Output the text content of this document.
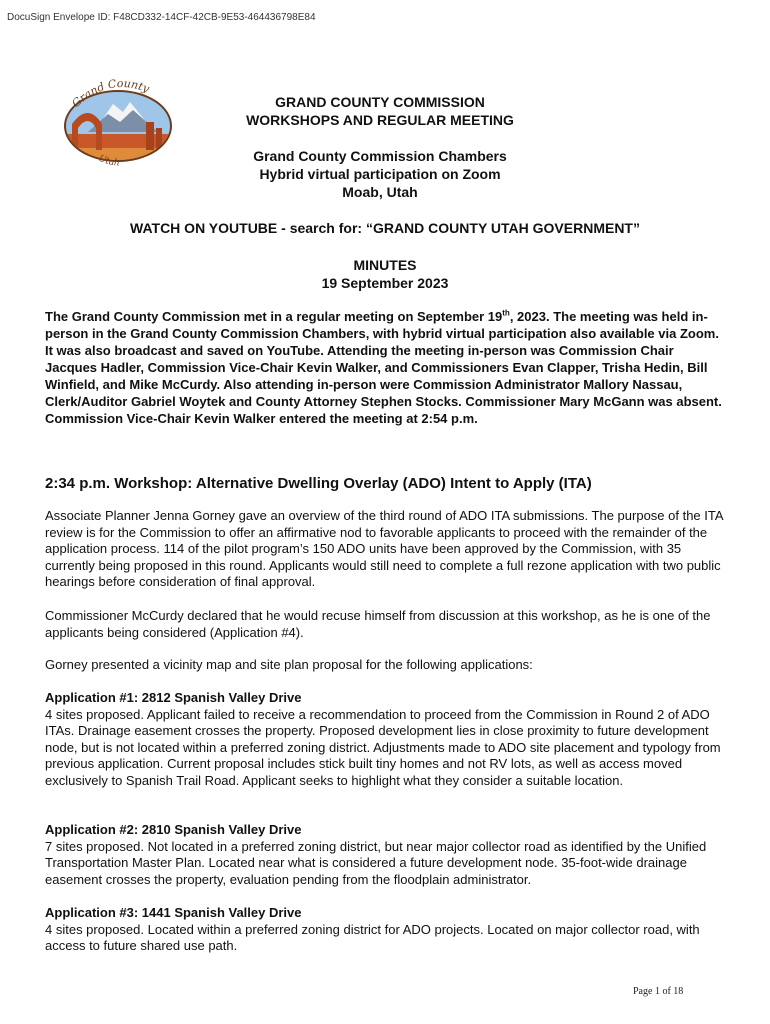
DocuSign Envelope ID: F48CD332-14CF-42CB-9E53-464436798E84
Grand County
Utah
GRAND COUNTY COMMISSION
WORKSHOPS AND REGULAR MEETING
Grand County Commission Chambers
Hybrid virtual participation on Zoom
Moab, Utah
WATCH ON YOUTUBE - search for: “GRAND COUNTY UTAH GOVERNMENT”
MINUTES
19 September 2023
The Grand County Commission met in a regular meeting on September 19th, 2023. The meeting was held in-person in the Grand County Commission Chambers, with hybrid virtual participation also available via Zoom. It was also broadcast and saved on YouTube. Attending the meeting in-person was Commission Chair Jacques Hadler, Commission Vice-Chair Kevin Walker, and Commissioners Evan Clapper, Trisha Hedin, Bill Winfield, and Mike McCurdy. Also attending in-person were Commission Administrator Mallory Nassau, Clerk/Auditor Gabriel Woytek and County Attorney Stephen Stocks. Commissioner Mary McGann was absent. Commission Vice-Chair Kevin Walker entered the meeting at 2:54 p.m.
2:34 p.m. Workshop: Alternative Dwelling Overlay (ADO) Intent to Apply (ITA)
Associate Planner Jenna Gorney gave an overview of the third round of ADO ITA submissions. The purpose of the ITA review is for the Commission to offer an affirmative nod to favorable applicants to proceed with the remainder of the application process. 114 of the pilot program’s 150 ADO units have been approved by the Commission, with 35 currently being proposed in this round. Applicants would still need to complete a full rezone application with two public hearings before consideration of final approval.
Commissioner McCurdy declared that he would recuse himself from discussion at this workshop, as he is one of the applicants being considered (Application #4).
Gorney presented a vicinity map and site plan proposal for the following applications:
Application #1: 2812 Spanish Valley Drive
4 sites proposed. Applicant failed to receive a recommendation to proceed from the Commission in Round 2 of ADO ITAs. Drainage easement crosses the property. Proposed development lies in close proximity to future development node, but is not located within a preferred zoning district. Adjustments made to ADO site placement and typology from previous application. Current proposal includes stick built tiny homes and not RV lots, as well as access moved exclusively to Spanish Trail Road. Applicant seeks to highlight what they consider a suitable location.
Application #2: 2810 Spanish Valley Drive
7 sites proposed. Not located in a preferred zoning district, but near major collector road as identified by the Unified Transportation Master Plan. Located near what is considered a future development node. 35-foot-wide drainage easement crosses the property, evaluation pending from the floodplain administrator.
Application #3: 1441 Spanish Valley Drive
4 sites proposed. Located within a preferred zoning district for ADO projects. Located on major collector road, with access to future shared use path.
Page 1 of 18
